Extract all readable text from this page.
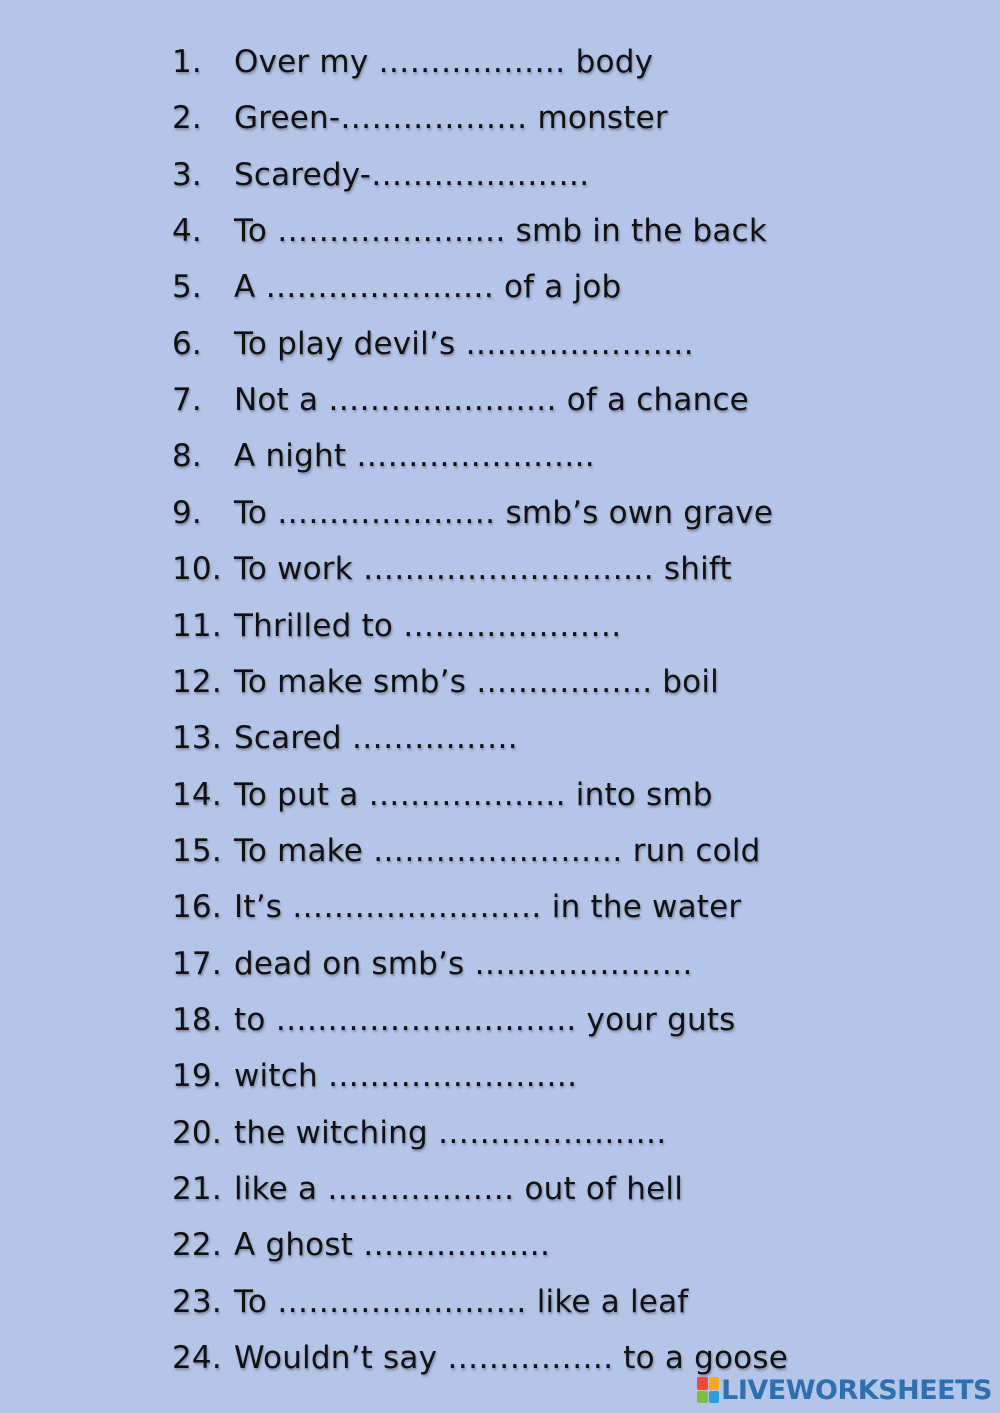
1.	Over my ……………… body
2.	Green-……………… monster
3.	Scaredy-…………………
4.	To …………………. smb in the back
5.	A …………………. of a job
6.	To play devil’s ………………….
7.	Not a …………………. of a chance
8.	A night …………………..
9.	To ………………… smb’s own grave
10. To work ………………………. shift
11. Thrilled to …………………
12. To make smb’s …………….. boil
13. Scared …………….
14. To put a ………………. into smb
15. To make …………………… run cold
16. It’s …………………… in the water
17. dead on smb’s …………………
18. to ……………………….. your guts
19. witch ……………………
20. the witching ………………….
21. like a ……………… out of hell
22. A ghost ………………
23. To …………………… like a leaf
24. Wouldn’t say ……………. to a goose
LIVEWORKSHEETS
